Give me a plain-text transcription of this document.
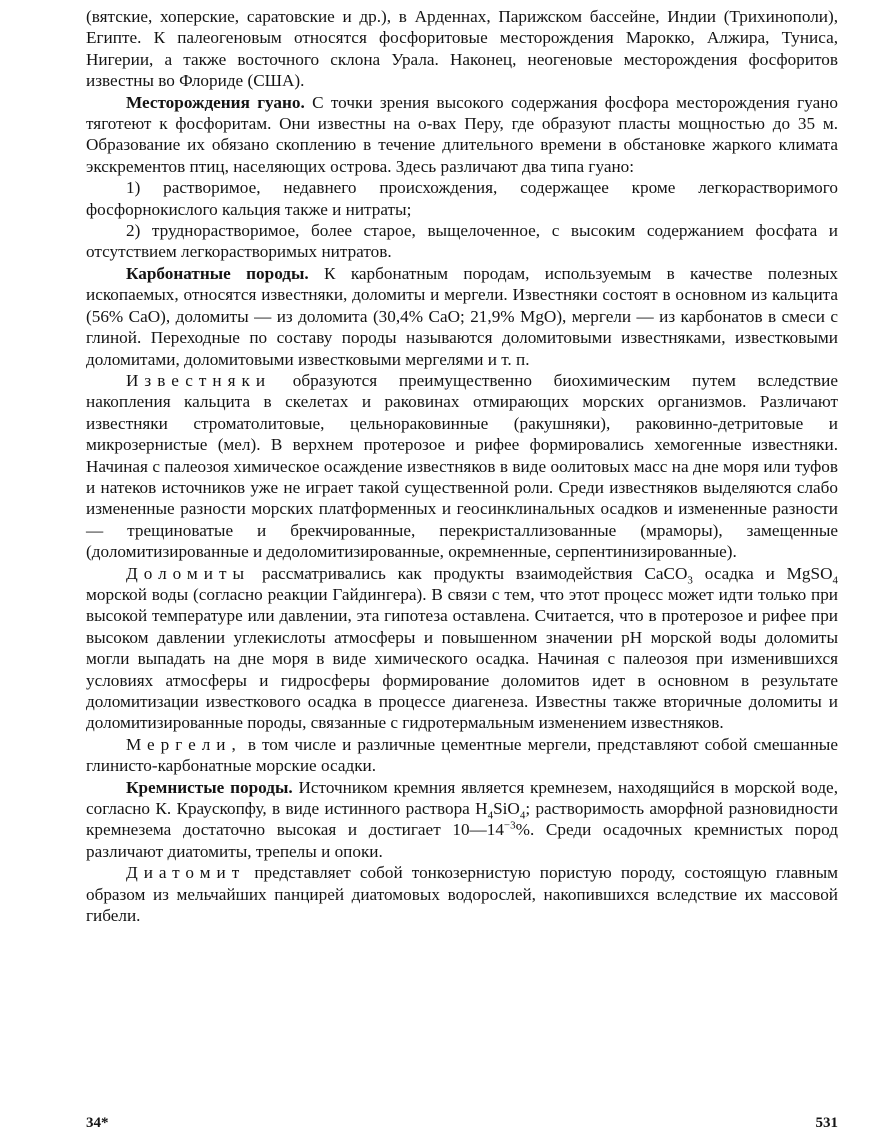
(вятские, хоперские, саратовские и др.), в Арденнах, Парижском бассейне, Индии (Трихинополи), Египте. К палеогеновым относятся фосфоритовые месторождения Марокко, Алжира, Туниса, Нигерии, а также восточного склона Урала. Наконец, неогеновые месторождения фосфоритов известны во Флориде (США).

Месторождения гуано. С точки зрения высокого содержания фосфора месторождения гуано тяготеют к фосфоритам. Они известны на о-вах Перу, где образуют пласты мощностью до 35 м. Образование их обязано скоплению в течение длительного времени в обстановке жаркого климата экскрементов птиц, населяющих острова. Здесь различают два типа гуано:

1) растворимое, недавнего происхождения, содержащее кроме легкорастворимого фосфорнокислого кальция также и нитраты;

2) труднорастворимое, более старое, выщелоченное, с высоким содержанием фосфата и отсутствием легкорастворимых нитратов.

Карбонатные породы. К карбонатным породам, используемым в качестве полезных ископаемых, относятся известняки, доломиты и мергели. Известняки состоят в основном из кальцита (56% CaO), доломиты — из доломита (30,4% CaO; 21,9% MgO), мергели — из карбонатов в смеси с глиной. Переходные по составу породы называются доломитовыми известняками, известковыми доломитами, доломитовыми известковыми мергелями и т. п.

Известняки образуются преимущественно биохимическим путем вследствие накопления кальцита в скелетах и раковинах отмирающих морских организмов. Различают известняки строматолитовые, цельнораковинные (ракушняки), раковинно-детритовые и микрозернистые (мел). В верхнем протерозое и рифее формировались хемогенные известняки. Начиная с палеозоя химическое осаждение известняков в виде оолитовых масс на дне моря или туфов и натеков источников уже не играет такой существенной роли. Среди известняков выделяются слабо измененные разности морских платформенных и геосинклинальных осадков и измененные разности — трещиноватые и брекчированные, перекристаллизованные (мраморы), замещенные (доломитизированные и дедоломитизированные, окремненные, серпентинизированные).

Доломиты рассматривались как продукты взаимодействия CaCO$_3$ осадка и MgSO$_4$ морской воды (согласно реакции Гайдингера). В связи с тем, что этот процесс может идти только при высокой температуре или давлении, эта гипотеза оставлена. Считается, что в протерозое и рифее при высоком давлении углекислоты атмосферы и повышенном значении pH морской воды доломиты могли выпадать на дне моря в виде химического осадка. Начиная с палеозоя при изменившихся условиях атмосферы и гидросферы формирование доломитов идет в основном в результате доломитизации известкового осадка в процессе диагенеза. Известны также вторичные доломиты и доломитизированные породы, связанные с гидротермальным изменением известняков.

Мергели, в том числе и различные цементные мергели, представляют собой смешанные глинисто-карбонатные морские осадки.

Кремнистые породы. Источником кремния является кремнезем, находящийся в морской воде, согласно К. Краускопфу, в виде истинного раствора $H_4SiO_4$; растворимость аморфной разновидности кремнезема достаточно высокая и достигает $10—14^{-3}\%$. Среди осадочных кремнистых пород различают диатомиты, трепелы и опоки.

Диатомит представляет собой тонкозернистую пористую породу, состоящую главным образом из мельчайших панцирей диатомовых водорослей, накопившихся вследствие их массовой гибели.

34*	531
